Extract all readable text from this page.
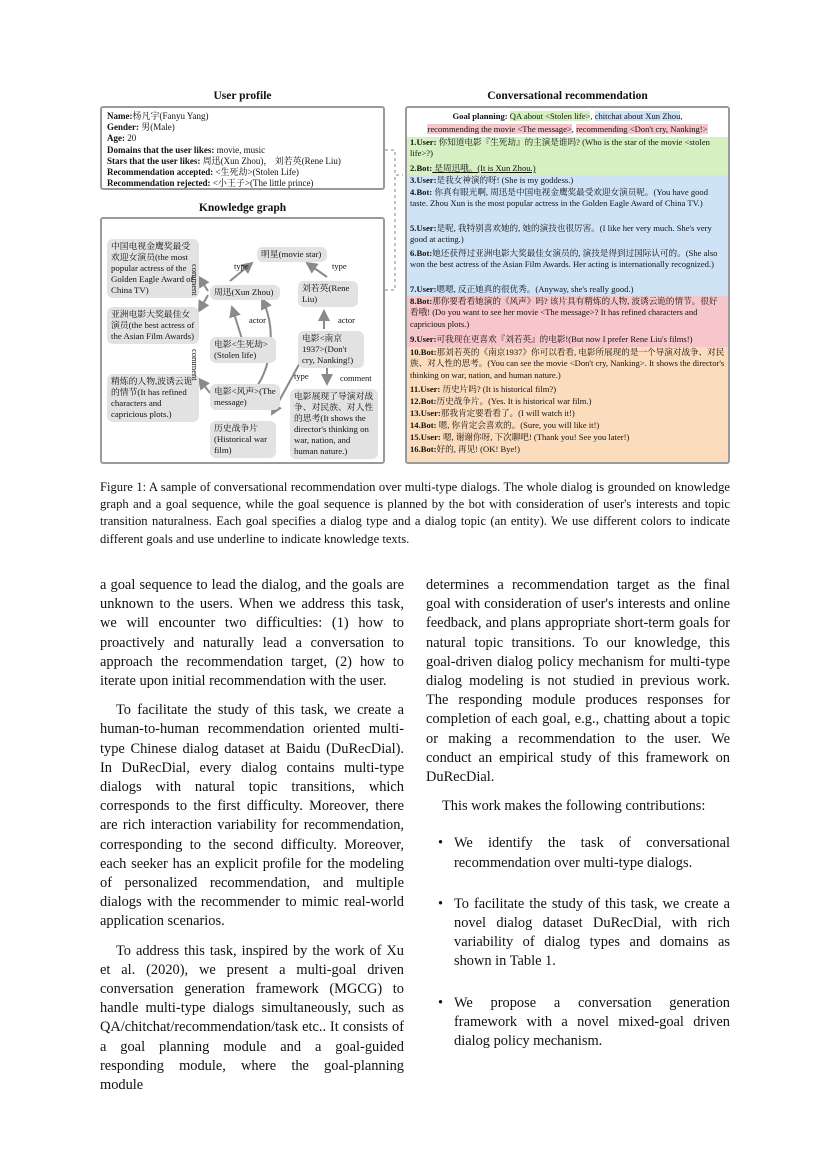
User profile
Name:杨凡宇(Fanyu Yang)
Gender: 男(Male)
Age: 20
Domains that the user likes: movie, music
Stars that the user likes: 周迅(Xun Zhou)， 刘若英(Rene Liu)
Recommendation accepted: <生死劫>(Stolen Life)
Recommendation rejected: <小王子>(The little prince)
Knowledge graph
中国电视金鹰奖最受欢迎女演员(the most popular actress of the Golden Eagle Award of China TV)
亚洲电影大奖最佳女演员(the best actress of the Asian Film Awards)
精炼的人物,波诱云诡的情节(It has refined characters and capricious plots.)
明星(movie star)
周迅(Xun Zhou)	刘若英(Rene Liu)
电影<生死劫>(Stolen life)
电影<风声>(The message)
历史战争片(Historical war film)
电影<南京1937>(Don't cry, Nanking!)
电影展现了导演对战争、对民族、对人性的思考(It shows the director's thinking on war, nation, and human nature.)
type	type
actor	actor
comment
comment	type	comment
Conversational recommendation
Goal planning: QA about <Stolen life>, chitchat about Xun Zhou,
recommending the movie <The message>, recommending <Don't cry, Nanking!>
1.User: 你知道电影『生死劫』的主演是谁吗? (Who is the star of the movie <stolen life>?)
2.Bot: 是周迅哦。(It is Xun Zhou.)
3.User:是我女神演的呀! (She is my goddess.)
4.Bot: 你真有眼光啊, 周迅是中国电视金鹰奖最受欢迎女演员呢。(You have good taste. Zhou Xun is the most popular actress in the Golden Eagle Award of China TV.)
5.User:是呢, 我特别喜欢她的, 她的演技也很厉害。(I like her very much. She's very good at acting.)
6.Bot:她还获得过亚洲电影大奖最佳女演员的, 演技是得到过国际认可的。(She also won the best actress of the Asian Film Awards. Her acting is internationally recognized.)
7.User:嗯嗯, 反正她真的很优秀。(Anyway, she's really good.)
8.Bot:那你要看看她演的《风声》吗? 该片具有精炼的人物, 波诱云诡的情节。很好看哦! (Do you want to see her movie <The message>? It has refined characters and capricious plots.)
9.User:可我现在更喜欢『刘若英』的电影!(But now I prefer Rene Liu's films!)
10.Bot:那刘若英的《南京1937》你可以看看, 电影所展现的是一个导演对战争、对民族、对人性的思考。(You can see the movie <Don't cry, Nanking>. It shows the director's thinking on war, nation, and human nature.)
11.User: 历史片吗? (It is historical film?)
12.Bot:历史战争片。(Yes. It is historical war film.)
13.User:那我肯定要看看了。(I will watch it!)
14.Bot: 嗯, 你肯定会喜欢的。(Sure, you will like it!)
15.User: 嗯, 谢谢你呀, 下次聊吧! (Thank you! See you later!)
16.Bot:好的, 再见! (OK! Bye!)
Figure 1: A sample of conversational recommendation over multi-type dialogs. The whole dialog is grounded on knowledge graph and a goal sequence, while the goal sequence is planned by the bot with consideration of user's interests and topic transition naturalness. Each goal specifies a dialog type and a dialog topic (an entity). We use different colors to indicate different goals and use underline to indicate knowledge texts.

a goal sequence to lead the dialog, and the goals are unknown to the users. When we address this task, we will encounter two difficulties: (1) how to proactively and naturally lead a conversation to approach the recommendation target, (2) how to iterate upon initial recommendation with the user.

To facilitate the study of this task, we create a human-to-human recommendation oriented multi-type Chinese dialog dataset at Baidu (DuRecDial). In DuRecDial, every dialog contains multi-type dialogs with natural topic transitions, which corresponds to the first difficulty. Moreover, there are rich interaction variability for recommendation, corresponding to the second difficulty. Moreover, each seeker has an explicit profile for the modeling of personalized recommendation, and multiple dialogs with the recommender to mimic real-world application scenarios.

To address this task, inspired by the work of Xu et al. (2020), we present a multi-goal driven conversation generation framework (MGCG) to handle multi-type dialogs simultaneously, such as QA/chitchat/recommendation/task etc.. It consists of a goal planning module and a goal-guided responding module, where the goal-planning module

determines a recommendation target as the final goal with consideration of user's interests and online feedback, and plans appropriate short-term goals for natural topic transitions. To our knowledge, this goal-driven dialog policy mechanism for multi-type dialog modeling is not studied in previous work. The responding module produces responses for completion of each goal, e.g., chatting about a topic or making a recommendation to the user. We conduct an empirical study of this framework on DuRecDial.

This work makes the following contributions:

• We identify the task of conversational recommendation over multi-type dialogs.
• To facilitate the study of this task, we create a novel dialog dataset DuRecDial, with rich variability of dialog types and domains as shown in Table 1.
• We propose a conversation generation framework with a novel mixed-goal driven dialog policy mechanism.
